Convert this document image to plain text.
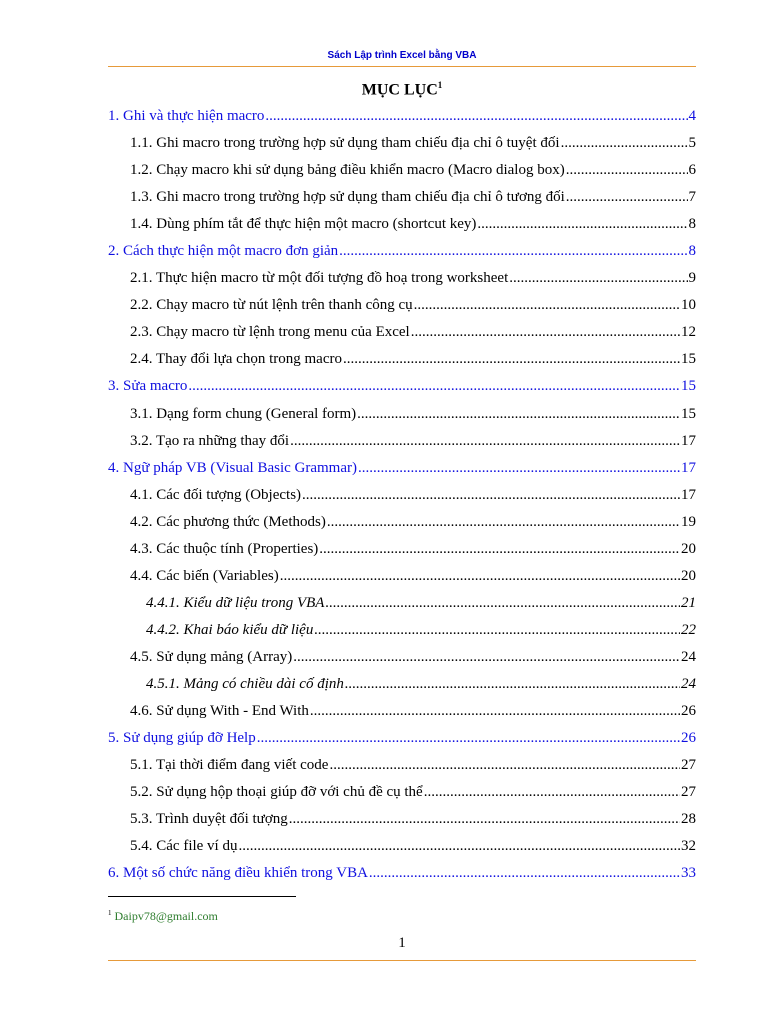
Sách Lập trình Excel bằng VBA
MỤC LỤC$^1$
1. Ghi và thực hiện macro .....	4
1.1. Ghi macro trong trường hợp sử dụng tham chiếu địa chỉ ô tuyệt đối .....	5
1.2. Chạy macro khi sử dụng bảng điều khiển macro (Macro dialog box) .....	6
1.3. Ghi macro trong trường hợp sử dụng tham chiếu địa chỉ ô tương đối .....	7
1.4. Dùng phím tắt để thực hiện một macro (shortcut key) .....	8
2. Cách thực hiện một macro đơn giản .....	8
2.1. Thực hiện macro từ một đối tượng đồ hoạ trong worksheet .....	9
2.2. Chạy macro từ nút lệnh trên thanh công cụ .....	10
2.3. Chạy macro từ lệnh trong menu của Excel .....	12
2.4. Thay đổi lựa chọn trong macro .....	15
3. Sửa macro .....	15
3.1. Dạng form chung (General form) .....	15
3.2. Tạo ra những thay đổi .....	17
4. Ngữ pháp VB (Visual Basic Grammar) .....	17
4.1. Các đối tượng (Objects) .....	17
4.2. Các phương thức (Methods) .....	19
4.3. Các thuộc tính (Properties) .....	20
4.4. Các biến (Variables) .....	20
4.4.1. Kiểu dữ liệu trong VBA .....	21
4.4.2. Khai báo kiểu dữ liệu .....	22
4.5. Sử dụng mảng (Array) .....	24
4.5.1. Mảng có chiều dài cố định .....	24
4.6. Sử dụng With - End With .....	26
5. Sử dụng giúp đỡ Help .....	26
5.1. Tại thời điểm đang viết code .....	27
5.2. Sử dụng hộp thoại giúp đỡ với chủ đề cụ thể .....	27
5.3. Trình duyệt đối tượng .....	28
5.4. Các file ví dụ .....	32
6. Một số chức năng điều khiển trong VBA .....	33
$^1$ Daipv78@gmail.com
1
